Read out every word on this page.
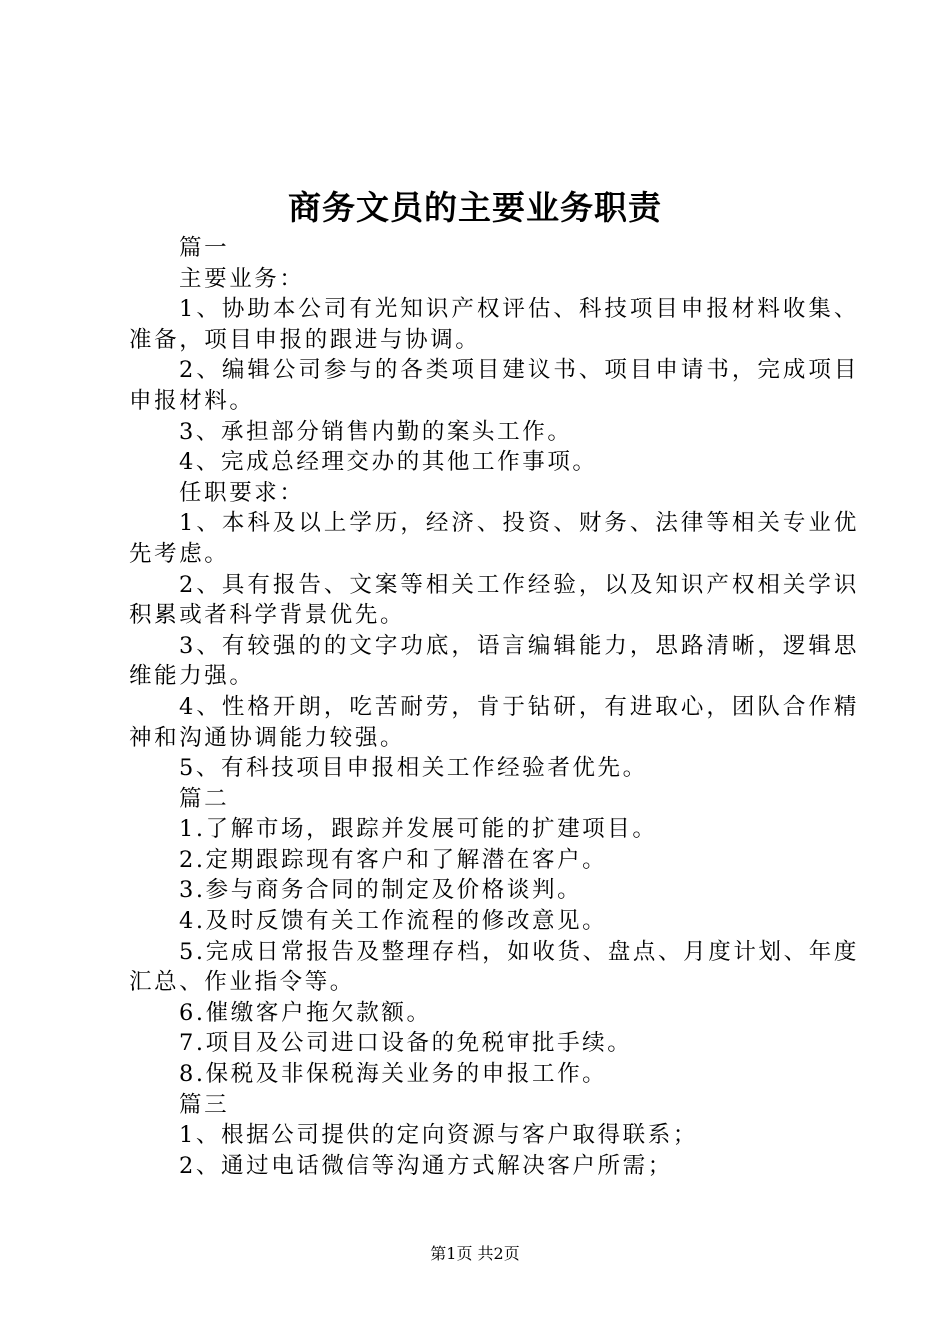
商务文员的主要业务职责

篇一

主要业务：

1、协助本公司有光知识产权评估、科技项目申报材料收集、准备，项目申报的跟进与协调。

2、编辑公司参与的各类项目建议书、项目申请书，完成项目申报材料。

3、承担部分销售内勤的案头工作。

4、完成总经理交办的其他工作事项。

任职要求：

1、本科及以上学历，经济、投资、财务、法律等相关专业优先考虑。

2、具有报告、文案等相关工作经验，以及知识产权相关学识积累或者科学背景优先。

3、有较强的的文字功底，语言编辑能力，思路清晰，逻辑思维能力强。

4、性格开朗，吃苦耐劳，肯于钻研，有进取心，团队合作精神和沟通协调能力较强。

5、有科技项目申报相关工作经验者优先。

篇二

1.了解市场，跟踪并发展可能的扩建项目。

2.定期跟踪现有客户和了解潜在客户。

3.参与商务合同的制定及价格谈判。

4.及时反馈有关工作流程的修改意见。

5.完成日常报告及整理存档，如收货、盘点、月度计划、年度汇总、作业指令等。

6.催缴客户拖欠款额。

7.项目及公司进口设备的免税审批手续。

8.保税及非保税海关业务的申报工作。

篇三

1、根据公司提供的定向资源与客户取得联系；

2、通过电话微信等沟通方式解决客户所需；

第1页 共2页
